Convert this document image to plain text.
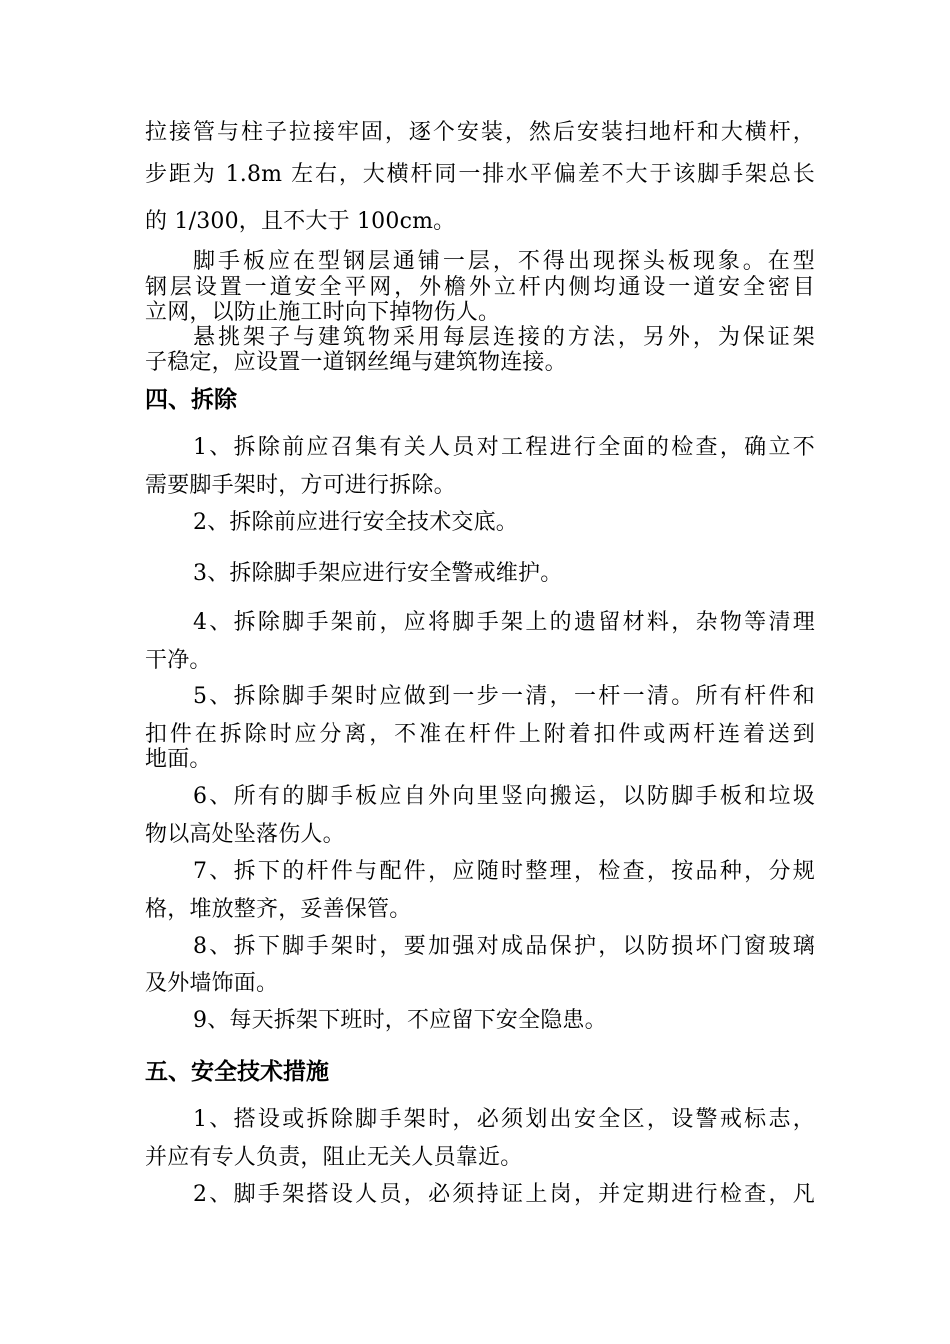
拉接管与柱子拉接牢固，逐个安装，然后安装扫地杆和大横杆，
步距为 1.8m 左右，大横杆同一排水平偏差不大于该脚手架总长
的 1/300，且不大于 100cm。
脚手板应在型钢层通铺一层，不得出现探头板现象。在型
钢层设置一道安全平网，外檐外立杆内侧均通设一道安全密目
立网，以防止施工时向下掉物伤人。
悬挑架子与建筑物采用每层连接的方法，另外，为保证架
子稳定，应设置一道钢丝绳与建筑物连接。
四、拆除
1、拆除前应召集有关人员对工程进行全面的检查，确立不
需要脚手架时，方可进行拆除。
2、拆除前应进行安全技术交底。
3、拆除脚手架应进行安全警戒维护。
4、拆除脚手架前，应将脚手架上的遗留材料，杂物等清理
干净。
5、拆除脚手架时应做到一步一清，一杆一清。所有杆件和
扣件在拆除时应分离，不准在杆件上附着扣件或两杆连着送到
地面。
6、所有的脚手板应自外向里竖向搬运，以防脚手板和垃圾
物以高处坠落伤人。
7、拆下的杆件与配件，应随时整理，检查，按品种，分规
格，堆放整齐，妥善保管。
8、拆下脚手架时，要加强对成品保护，以防损坏门窗玻璃
及外墙饰面。
9、每天拆架下班时，不应留下安全隐患。
五、安全技术措施
1、搭设或拆除脚手架时，必须划出安全区，设警戒标志，
并应有专人负责，阻止无关人员靠近。
2、脚手架搭设人员，必须持证上岗，并定期进行检查，凡
